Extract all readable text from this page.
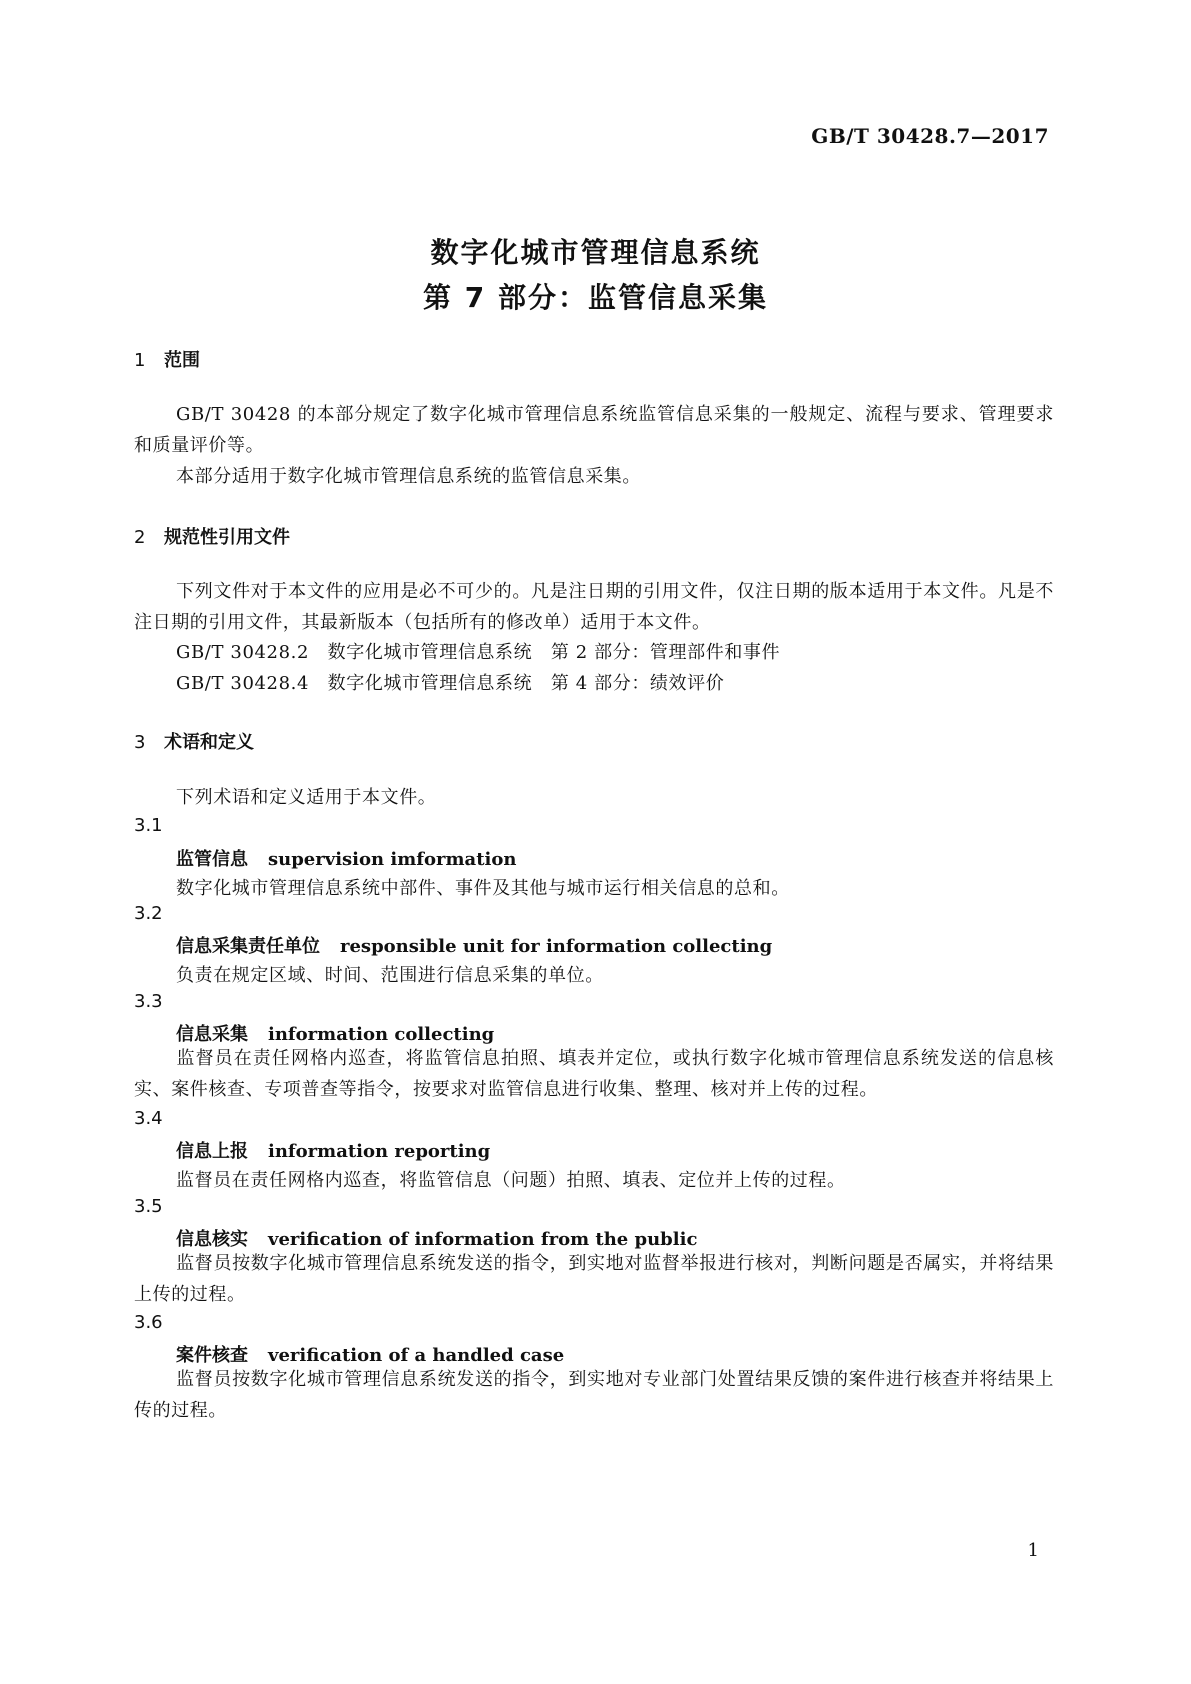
GB/T 30428.7—2017
数字化城市管理信息系统
第 7 部分：监管信息采集
1 范围
GB/T 30428 的本部分规定了数字化城市管理信息系统监管信息采集的一般规定、流程与要求、管理要求和质量评价等。
本部分适用于数字化城市管理信息系统的监管信息采集。
2 规范性引用文件
下列文件对于本文件的应用是必不可少的。凡是注日期的引用文件，仅注日期的版本适用于本文件。凡是不注日期的引用文件，其最新版本（包括所有的修改单）适用于本文件。
GB/T 30428.2　数字化城市管理信息系统　第 2 部分：管理部件和事件
GB/T 30428.4　数字化城市管理信息系统　第 4 部分：绩效评价
3 术语和定义
下列术语和定义适用于本文件。
3.1
监管信息 supervision imformation
数字化城市管理信息系统中部件、事件及其他与城市运行相关信息的总和。
3.2
信息采集责任单位 responsible unit for information collecting
负责在规定区域、时间、范围进行信息采集的单位。
3.3
信息采集 information collecting
监督员在责任网格内巡查，将监管信息拍照、填表并定位，或执行数字化城市管理信息系统发送的信息核实、案件核查、专项普查等指令，按要求对监管信息进行收集、整理、核对并上传的过程。
3.4
信息上报 information reporting
监督员在责任网格内巡查，将监管信息（问题）拍照、填表、定位并上传的过程。
3.5
信息核实 verification of information from the public
监督员按数字化城市管理信息系统发送的指令，到实地对监督举报进行核对，判断问题是否属实，并将结果上传的过程。
3.6
案件核查 verification of a handled case
监督员按数字化城市管理信息系统发送的指令，到实地对专业部门处置结果反馈的案件进行核查并将结果上传的过程。
1
